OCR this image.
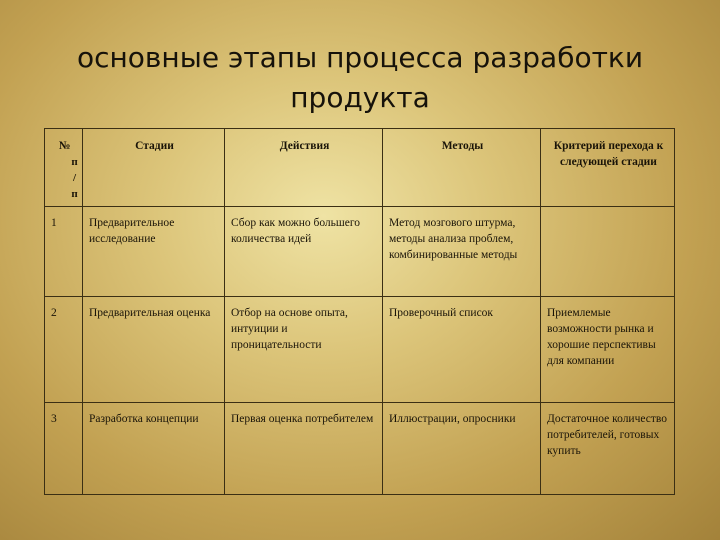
основные этапы процесса разработки
продукта
№
п
/
п	Стадии	Действия	Методы	Критерий перехода к следующей стадии
1	Предварительное исследование	Сбор как можно большего количества идей	Метод мозгового штурма, методы анализа проблем, комбинированные методы	
2	Предварительная оценка	Отбор на основе опыта, интуиции и проницательности	Проверочный список	Приемлемые возможности рынка и хорошие перспективы для компании
3	Разработка концепции	Первая оценка потребителем	Иллюстрации, опросники	Достаточное количество потребителей, готовых купить
